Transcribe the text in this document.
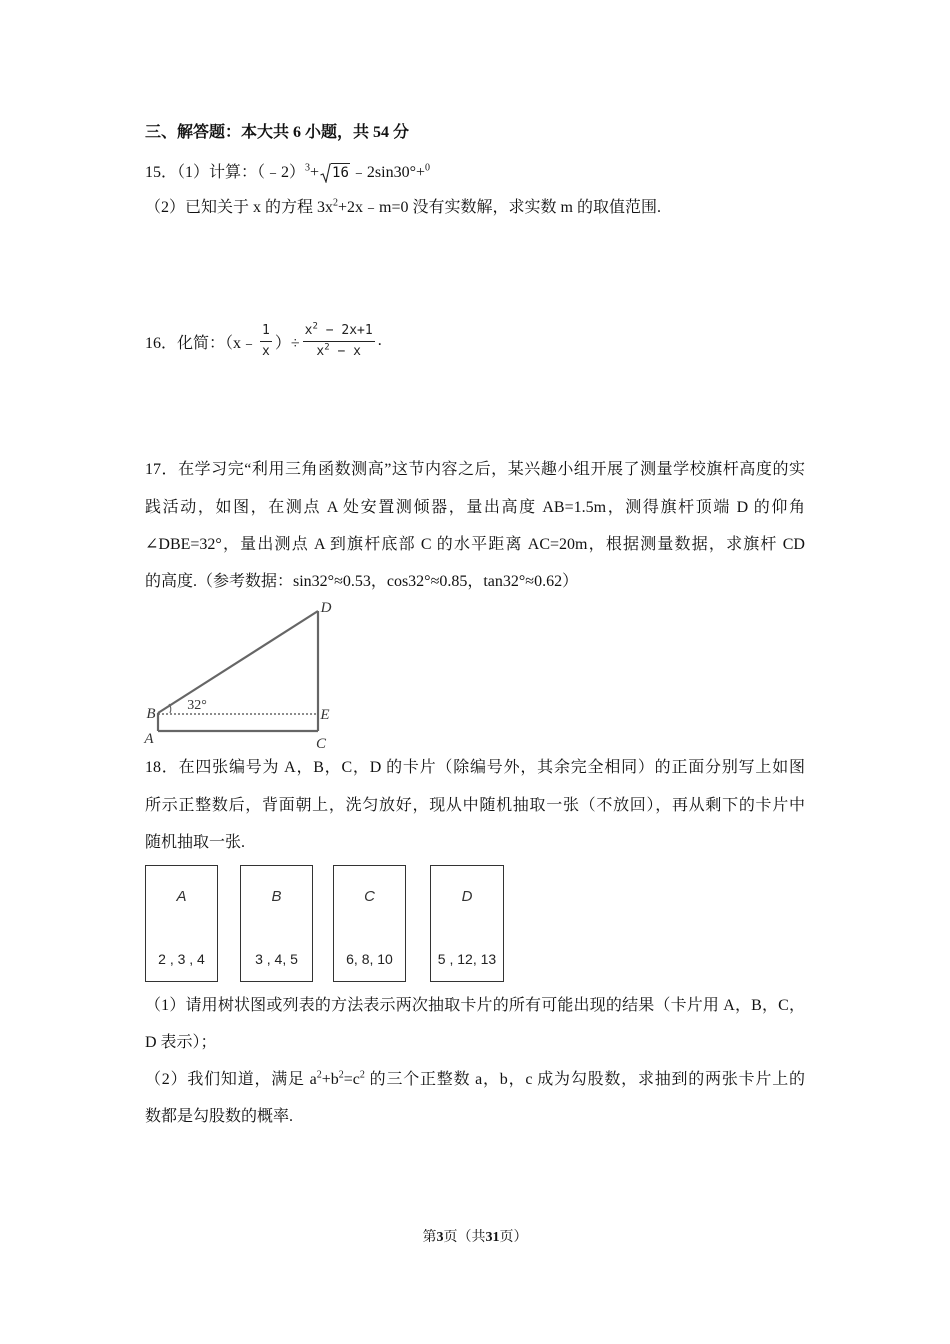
三、解答题：本大共 6 小题，共 54 分
15．（1）计算：（﹣2）$^3$+ 16 ﹣2sin30°+$^0$
（2）已知关于 x 的方程 $3x^2+2x﹣m=0$ 没有实数解，求实数 m 的取值范围.
16．化简：（x﹣ $\frac{1}{x}$ ）÷ $\frac{x^2 - 2x+1}{x^2 - x}$ .
17．在学习完“利用三角函数测高”这节内容之后，某兴趣小组开展了测量学校旗杆高度的实
践活动，如图，在测点 A 处安置测倾器，量出高度 AB=1.5m，测得旗杆顶端 D 的仰角
∠DBE=32°，量出测点 A 到旗杆底部 C 的水平距离 AC=20m，根据测量数据，求旗杆 CD
的高度.（参考数据：sin32°≈0.53，cos32°≈0.85，tan32°≈0.62）
D
B
A
E
C
32°
18．在四张编号为 A，B，C，D 的卡片（除编号外，其余完全相同）的正面分别写上如图
所示正整数后，背面朝上，洗匀放好，现从中随机抽取一张（不放回），再从剩下的卡片中
随机抽取一张.
A
2 , 3 , 4
B
3 , 4, 5
C
6, 8, 10
D
5 , 12, 13
（1）请用树状图或列表的方法表示两次抽取卡片的所有可能出现的结果（卡片用 A，B，C，
D 表示）；
（2）我们知道，满足 $a^2+b^2=c^2$ 的三个正整数 a，b，c 成为勾股数，求抽到的两张卡片上的
数都是勾股数的概率.
第3页（共31页）
